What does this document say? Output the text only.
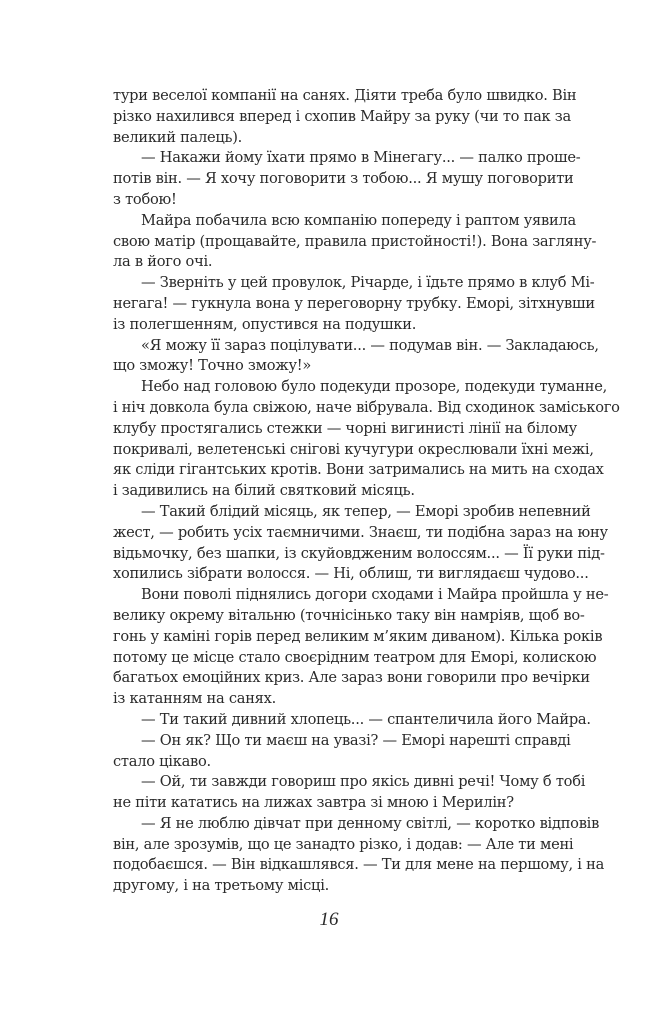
тури веселої компанії на санях. Діяти треба було швидко. Він
різко нахилився вперед і схопив Майру за руку (чи то пак за
великий палець).
— Накажи йому їхати прямо в Мінегагу... — палко проше-
потів він. — Я хочу поговорити з тобою... Я мушу поговорити
з тобою!
Майра побачила всю компанію попереду і раптом уявила
свою матір (прощавайте, правила пристойності!). Вона загляну-
ла в його очі.
— Зверніть у цей провулок, Річарде, і їдьте прямо в клуб Мі-
негага! — гукнула вона у переговорну трубку. Еморі, зітхнувши
із полегшенням, опустився на подушки.
«Я можу її зараз поцілувати... — подумав він. — Закладаюсь,
що зможу! Точно зможу!»
Небо над головою було подекуди прозоре, подекуди туманне,
і ніч довкола була свіжою, наче вібрувала. Від сходинок заміського
клубу простягались стежки — чорні вигинисті лінії на білому
покривалі, велетенські снігові кучугури окреслювали їхні межі,
як сліди гігантських кротів. Вони затримались на мить на сходах
і задивились на білий святковий місяць.
— Такий блідий місяць, як тепер, — Еморі зробив непевний
жест, — робить усіх таємничими. Знаєш, ти подібна зараз на юну
відьмочку, без шапки, із скуйовдженим волоссям... — Її руки під-
хопились зібрати волосся. — Ні, облиш, ти виглядаєш чудово...
Вони поволі піднялись догори сходами і Майра пройшла у не-
велику окрему вітальню (точнісінько таку він намріяв, щоб во-
гонь у каміні горів перед великим м’яким диваном). Кілька років
потому це місце стало своєрідним театром для Еморі, колискою
багатьох емоційних криз. Але зараз вони говорили про вечірки
із катанням на санях.
— Ти такий дивний хлопець... — спантеличила його Майра.
— Он як? Що ти маєш на увазі? — Еморі нарешті справді
стало цікаво.
— Ой, ти завжди говориш про якісь дивні речі! Чому б тобі
не піти кататись на лижах завтра зі мною і Мерилін?
— Я не люблю дівчат при денному світлі, — коротко відповів
він, але зрозумів, що це занадто різко, і додав: — Але ти мені
подобаєшся. — Він відкашлявся. — Ти для мене на першому, і на
другому, і на третьому місці.
16
